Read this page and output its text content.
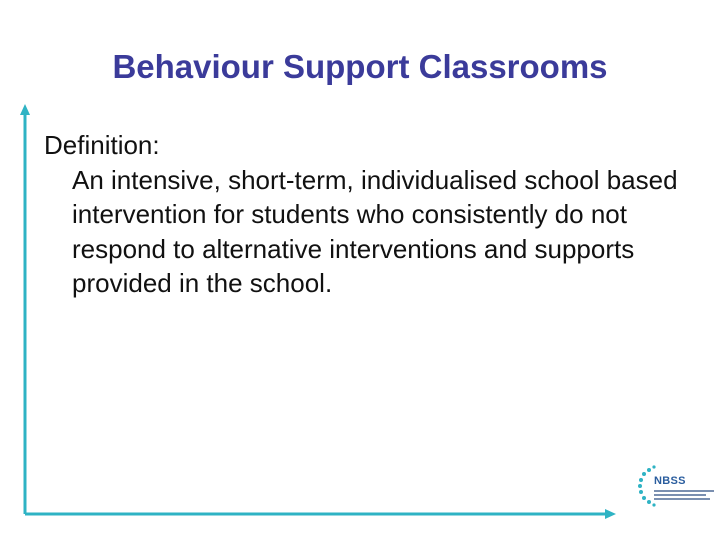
Behaviour Support Classrooms
Definition:
An intensive, short-term, individualised school based intervention for students who consistently do not respond to alternative interventions and supports provided in the school.
NBSS
